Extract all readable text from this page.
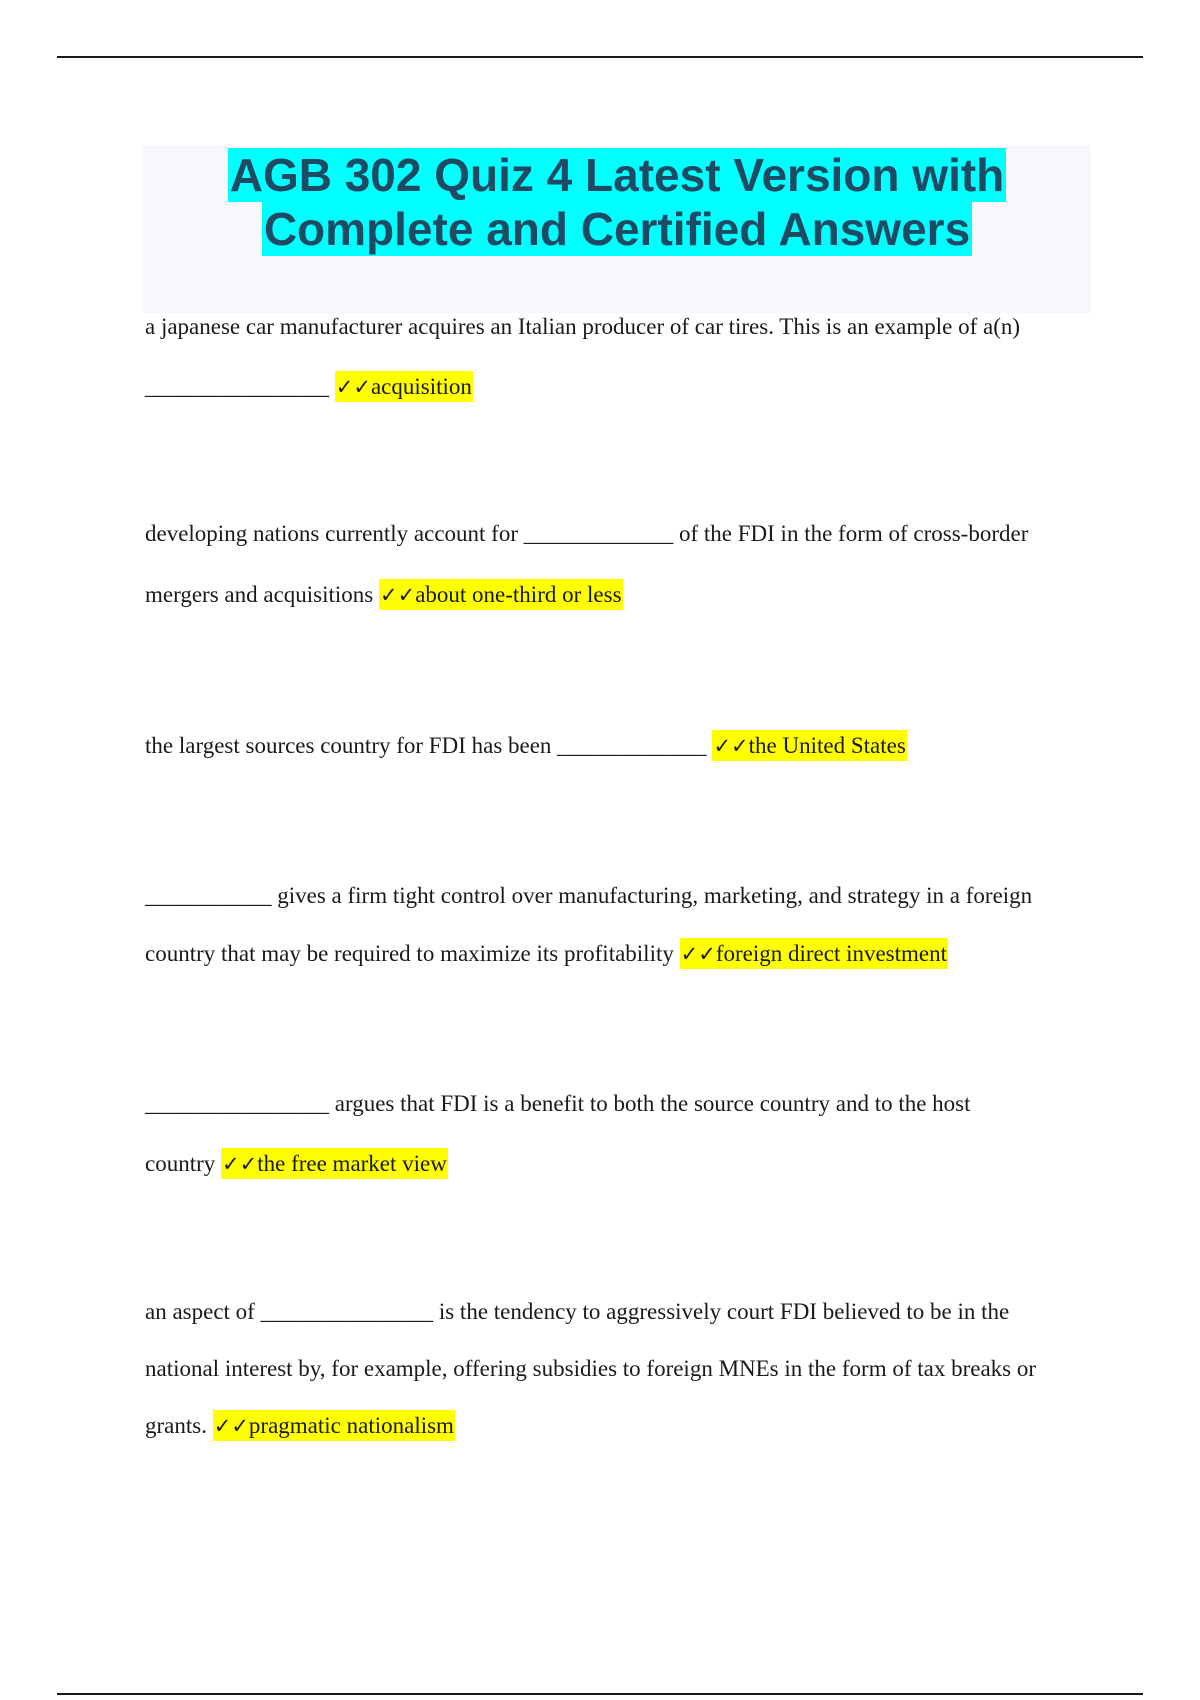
AGB 302 Quiz 4 Latest Version with
Complete and Certified Answers
a japanese car manufacturer acquires an Italian producer of car tires. This is an example of a(n)
________________ ✓✓acquisition
developing nations currently account for _____________ of the FDI in the form of cross-border
mergers and acquisitions ✓✓about one-third or less
the largest sources country for FDI has been _____________ ✓✓the United States
___________ gives a firm tight control over manufacturing, marketing, and strategy in a foreign
country that may be required to maximize its profitability ✓✓foreign direct investment
________________ argues that FDI is a benefit to both the source country and to the host
country ✓✓the free market view
an aspect of _______________ is the tendency to aggressively court FDI believed to be in the
national interest by, for example, offering subsidies to foreign MNEs in the form of tax breaks or
grants. ✓✓pragmatic nationalism
